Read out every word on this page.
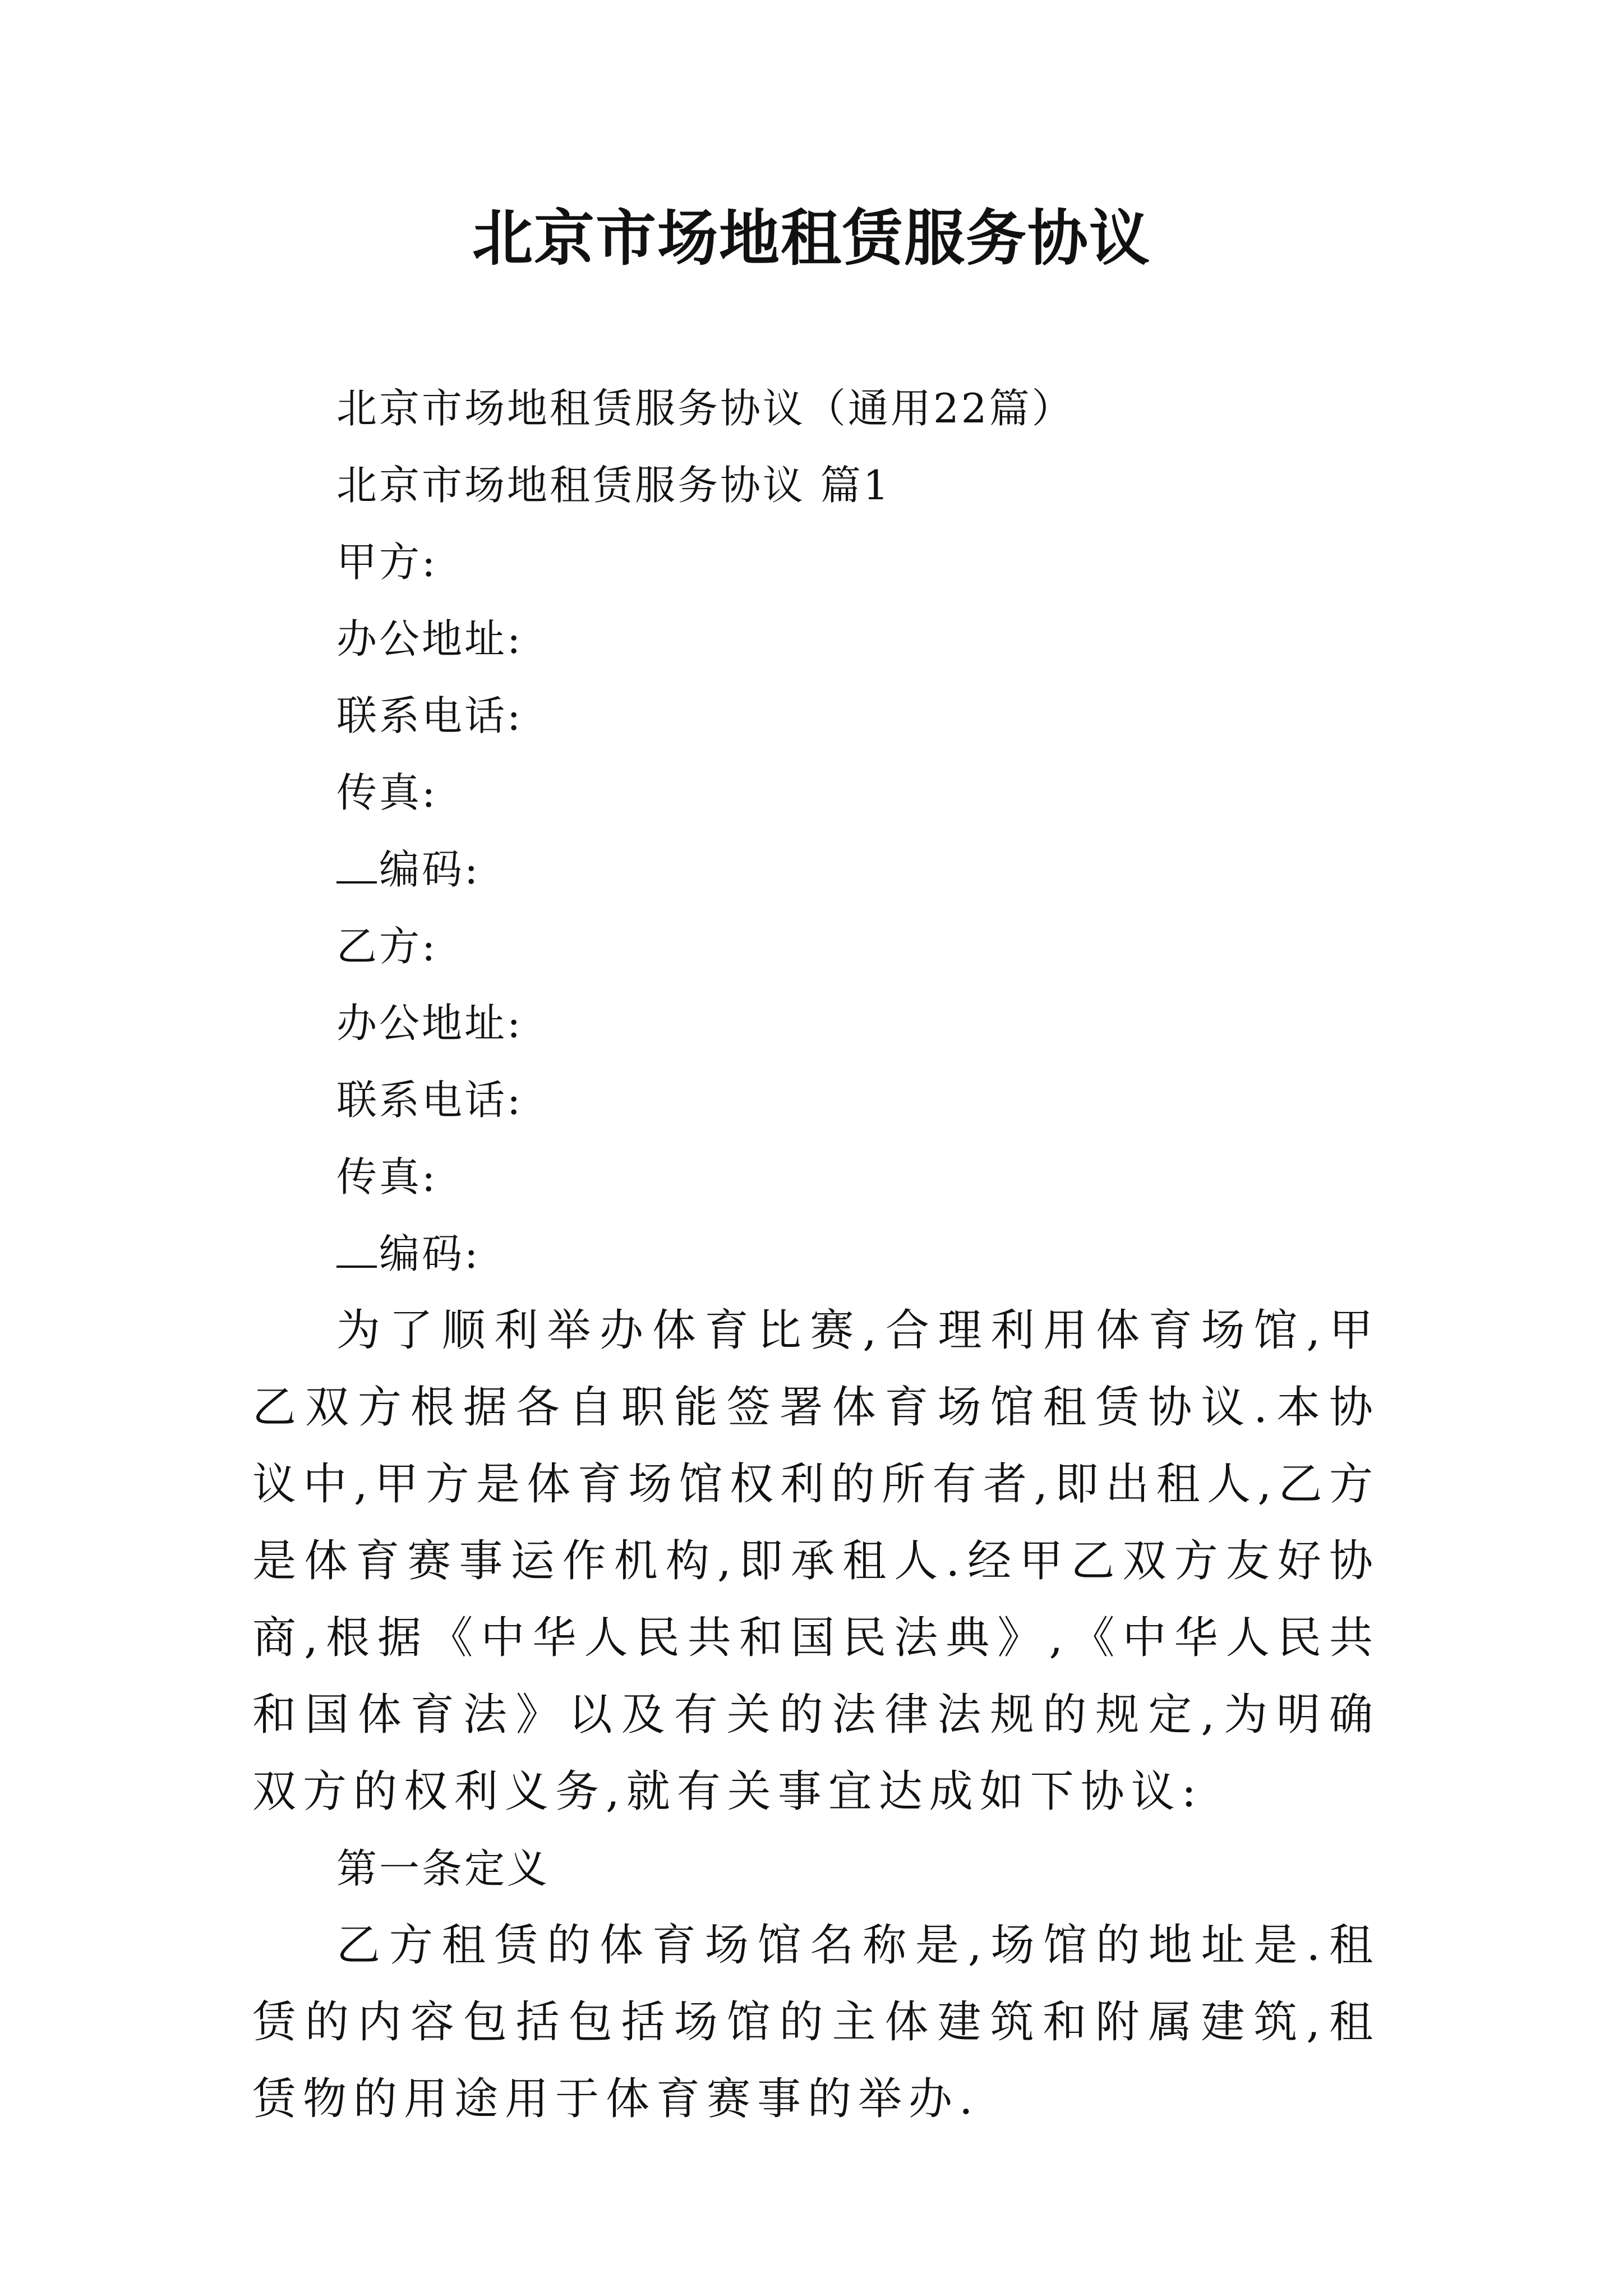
北京市场地租赁服务协议

北京市场地租赁服务协议（通用22篇）

北京市场地租赁服务协议 篇1

甲方:

办公地址:

联系电话:

传真:

编码:

乙方:

办公地址:

联系电话:

传真:

编码:

为了顺利举办体育比赛,合理利用体育场馆,甲乙双方根据各自职能签署体育场馆租赁协议.本协议中,甲方是体育场馆权利的所有者,即出租人,乙方是体育赛事运作机构,即承租人.经甲乙双方友好协商,根据《中华人民共和国民法典》,《中华人民共和国体育法》以及有关的法律法规的规定,为明确双方的权利义务,就有关事宜达成如下协议:

第一条定义

乙方租赁的体育场馆名称是,场馆的地址是.租赁的内容包括包括场馆的主体建筑和附属建筑,租赁物的用途用于体育赛事的举办.
